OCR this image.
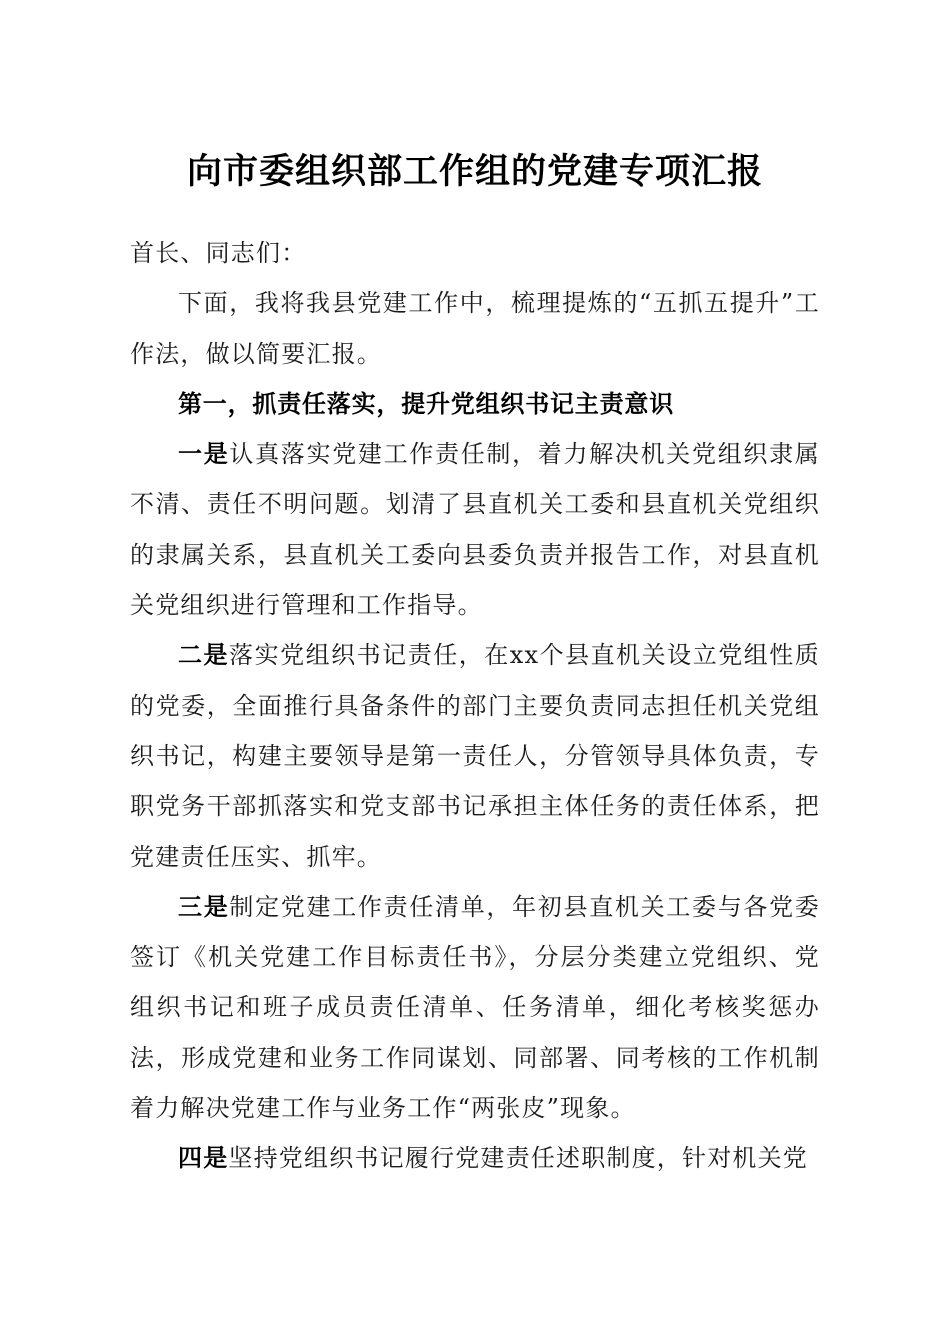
向市委组织部工作组的党建专项汇报

首长、同志们：

下面，我将我县党建工作中，梳理提炼的“五抓五提升”工作法，做以简要汇报。

第一，抓责任落实，提升党组织书记主责意识

一是认真落实党建工作责任制，着力解决机关党组织隶属不清、责任不明问题。划清了县直机关工委和县直机关党组织的隶属关系，县直机关工委向县委负责并报告工作，对县直机关党组织进行管理和工作指导。

二是落实党组织书记责任，在xx个县直机关设立党组性质的党委，全面推行具备条件的部门主要负责同志担任机关党组织书记，构建主要领导是第一责任人，分管领导具体负责，专职党务干部抓落实和党支部书记承担主体任务的责任体系，把党建责任压实、抓牢。

三是制定党建工作责任清单，年初县直机关工委与各党委签订《机关党建工作目标责任书》，分层分类建立党组织、党组织书记和班子成员责任清单、任务清单，细化考核奖惩办法，形成党建和业务工作同谋划、同部署、同考核的工作机制着力解决党建工作与业务工作“两张皮”现象。

四是坚持党组织书记履行党建责任述职制度，针对机关党
